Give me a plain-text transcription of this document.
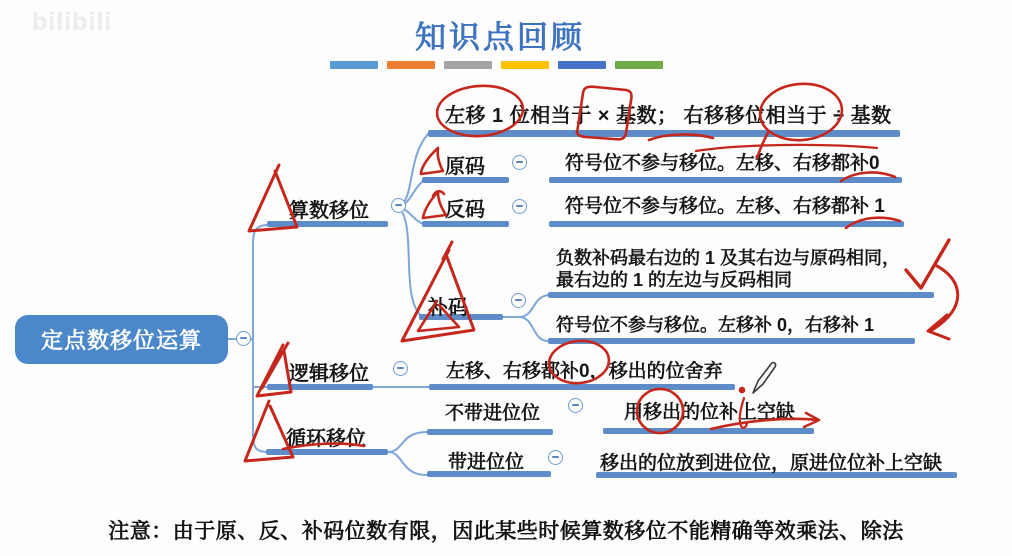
bilibili	知识点回顾
定点数移位运算
左移 1 位相当于 × 基数； 右移移位相当于 ÷ 基数
算数移位
原码	符号位不参与移位。左移、右移都补0
反码	符号位不参与移位。左移、右移都补 1
补码
负数补码最右边的 1 及其右边与原码相同，
最右边的 1 的左边与反码相同
符号位不参与移位。左移补 0，右移补 1
逻辑移位	左移、右移都补0，移出的位舍弃
循环移位
不带进位位	用移出的位补上空缺
带进位位	移出的位放到进位位，原进位位补上空缺
注意：由于原、反、补码位数有限，因此某些时候算数移位不能精确等效乘法、除法
